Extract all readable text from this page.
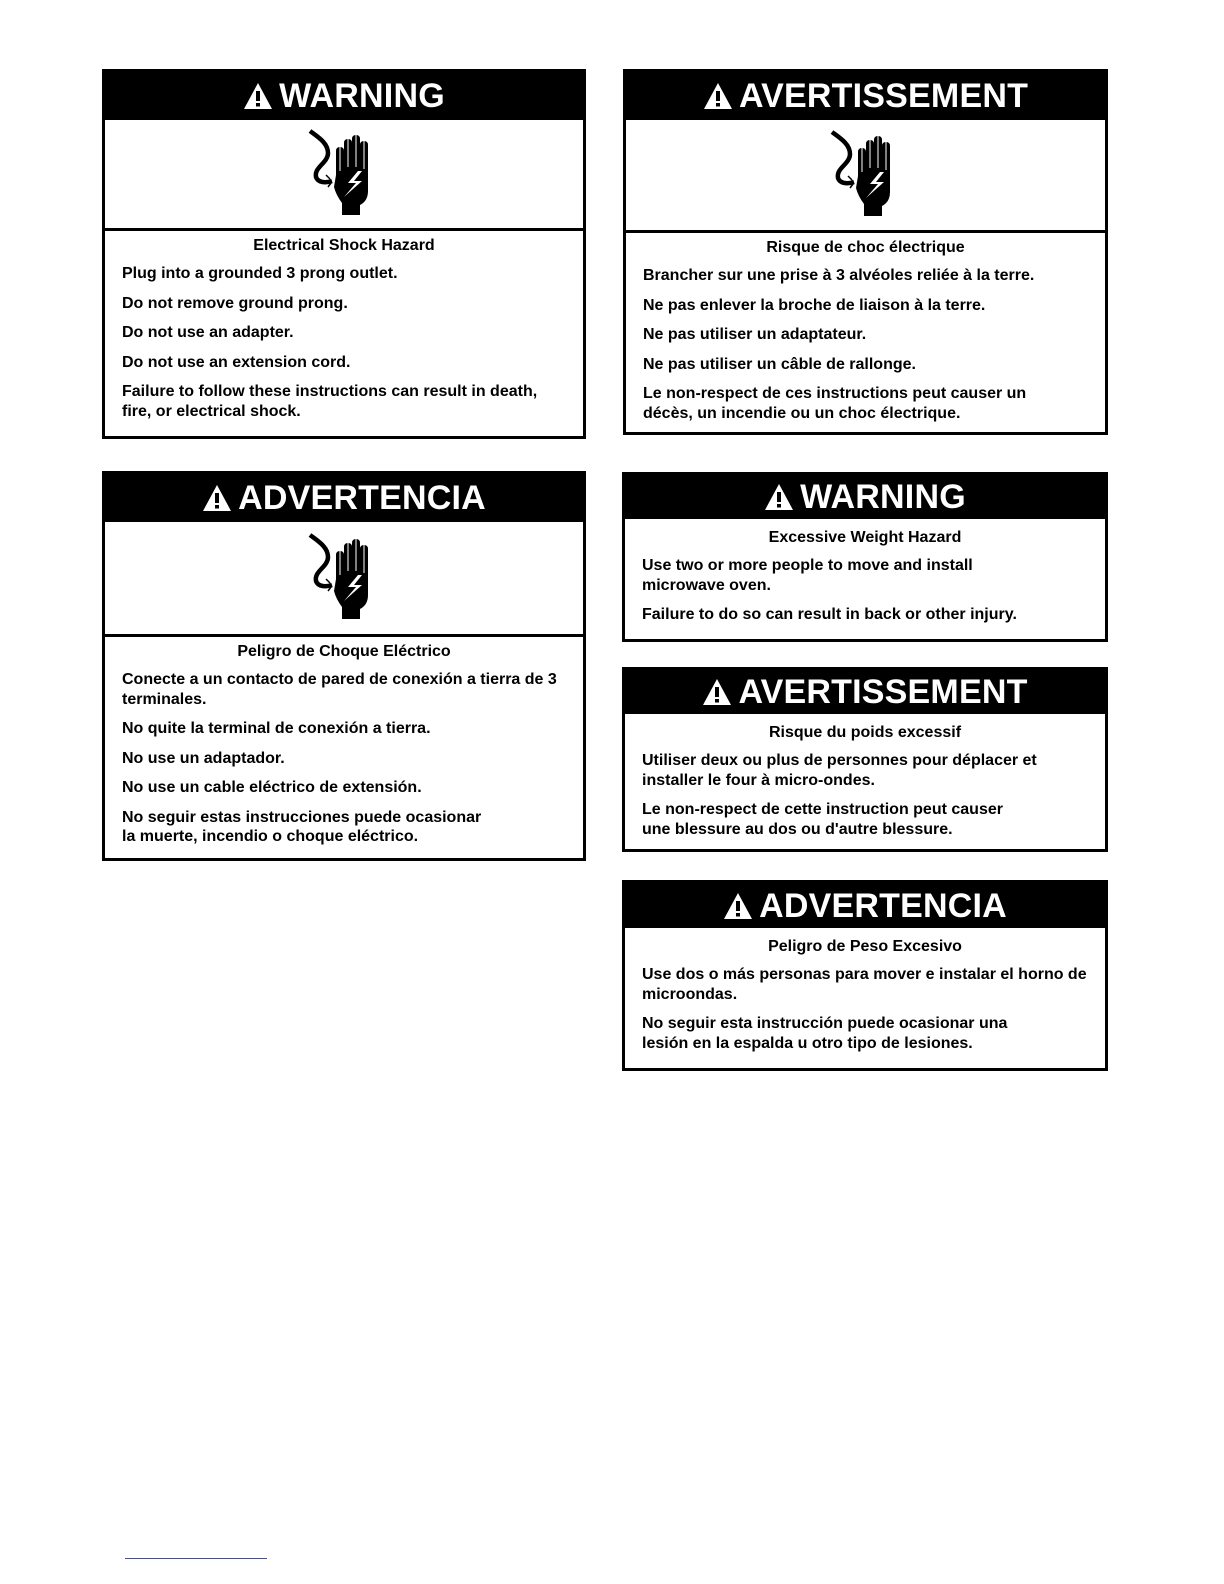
WARNING
Electrical Shock Hazard
Plug into a grounded 3 prong outlet.
Do not remove ground prong.
Do not use an adapter.
Do not use an extension cord.
Failure to follow these instructions can result in death, fire, or electrical shock.
AVERTISSEMENT
Risque de choc électrique
Brancher sur une prise à 3 alvéoles reliée à la terre.
Ne pas enlever la broche de liaison à la terre.
Ne pas utiliser un adaptateur.
Ne pas utiliser un câble de rallonge.
Le non-respect de ces instructions peut causer un décès, un incendie ou un choc électrique.
ADVERTENCIA
Peligro de Choque Eléctrico
Conecte a un contacto de pared de conexión a tierra de 3 terminales.
No quite la terminal de conexión a tierra.
No use un adaptador.
No use un cable eléctrico de extensión.
No seguir estas instrucciones puede ocasionar la muerte, incendio o choque eléctrico.
WARNING
Excessive Weight Hazard
Use two or more people to move and install microwave oven.
Failure to do so can result in back or other injury.
AVERTISSEMENT
Risque du poids excessif
Utiliser deux ou plus de personnes pour déplacer et installer le four à micro-ondes.
Le non-respect de cette instruction peut causer une blessure au dos ou d'autre blessure.
ADVERTENCIA
Peligro de Peso Excesivo
Use dos o más personas para mover e instalar el horno de microondas.
No seguir esta instrucción puede ocasionar una lesión en la espalda u otro tipo de lesiones.
